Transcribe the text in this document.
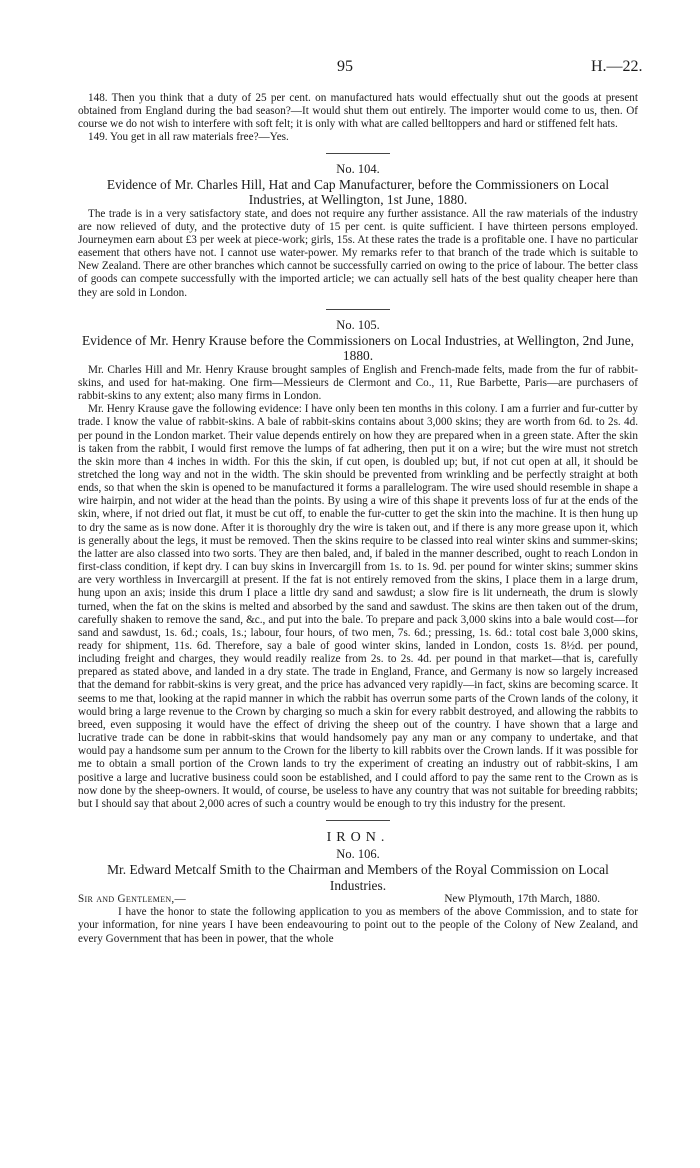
95	H.—22.

148. Then you think that a duty of 25 per cent. on manufactured hats would effectually shut out the goods at present obtained from England during the bad season?—It would shut them out entirely. The importer would come to us, then. Of course we do not wish to interfere with soft felt; it is only with what are called belltoppers and hard or stiffened felt hats.

149. You get in all raw materials free?—Yes.

No. 104.

Evidence of Mr. Charles Hill, Hat and Cap Manufacturer, before the Commissioners on Local Industries, at Wellington, 1st June, 1880.

The trade is in a very satisfactory state, and does not require any further assistance. All the raw materials of the industry are now relieved of duty, and the protective duty of 15 per cent. is quite sufficient. I have thirteen persons employed. Journeymen earn about £3 per week at piece-work; girls, 15s. At these rates the trade is a profitable one. I have no particular easement that others have not. I cannot use water-power. My remarks refer to that branch of the trade which is suitable to New Zealand. There are other branches which cannot be successfully carried on owing to the price of labour. The better class of goods can compete successfully with the imported article; we can actually sell hats of the best quality cheaper here than they are sold in London.

No. 105.

Evidence of Mr. Henry Krause before the Commissioners on Local Industries, at Wellington, 2nd June, 1880.

Mr. Charles Hill and Mr. Henry Krause brought samples of English and French-made felts, made from the fur of rabbit-skins, and used for hat-making. One firm—Messieurs de Clermont and Co., 11, Rue Barbette, Paris—are purchasers of rabbit-skins to any extent; also many firms in London.

Mr. Henry Krause gave the following evidence: I have only been ten months in this colony. I am a furrier and fur-cutter by trade. I know the value of rabbit-skins. A bale of rabbit-skins contains about 3,000 skins; they are worth from 6d. to 2s. 4d. per pound in the London market. Their value depends entirely on how they are prepared when in a green state. After the skin is taken from the rabbit, I would first remove the lumps of fat adhering, then put it on a wire; but the wire must not stretch the skin more than 4 inches in width. For this the skin, if cut open, is doubled up; but, if not cut open at all, it should be stretched the long way and not in the width. The skin should be prevented from wrinkling and be perfectly straight at both ends, so that when the skin is opened to be manufactured it forms a parallelogram. The wire used should resemble in shape a wire hairpin, and not wider at the head than the points. By using a wire of this shape it prevents loss of fur at the ends of the skin, where, if not dried out flat, it must be cut off, to enable the fur-cutter to get the skin into the machine. It is then hung up to dry the same as is now done. After it is thoroughly dry the wire is taken out, and if there is any more grease upon it, which is generally about the legs, it must be removed. Then the skins require to be classed into real winter skins and summer-skins; the latter are also classed into two sorts. They are then baled, and, if baled in the manner described, ought to reach London in first-class condition, if kept dry. I can buy skins in Invercargill from 1s. to 1s. 9d. per pound for winter skins; summer skins are very worthless in Invercargill at present. If the fat is not entirely removed from the skins, I place them in a large drum, hung upon an axis; inside this drum I place a little dry sand and sawdust; a slow fire is lit underneath, the drum is slowly turned, when the fat on the skins is melted and absorbed by the sand and sawdust. The skins are then taken out of the drum, carefully shaken to remove the sand, &c., and put into the bale. To prepare and pack 3,000 skins into a bale would cost—for sand and sawdust, 1s. 6d.; coals, 1s.; labour, four hours, of two men, 7s. 6d.; pressing, 1s. 6d.: total cost bale 3,000 skins, ready for shipment, 11s. 6d. Therefore, say a bale of good winter skins, landed in London, costs 1s. 8½d. per pound, including freight and charges, they would readily realize from 2s. to 2s. 4d. per pound in that market—that is, carefully prepared as stated above, and landed in a dry state. The trade in England, France, and Germany is now so largely increased that the demand for rabbit-skins is very great, and the price has advanced very rapidly—in fact, skins are becoming scarce. It seems to me that, looking at the rapid manner in which the rabbit has overrun some parts of the Crown lands of the colony, it would bring a large revenue to the Crown by charging so much a skin for every rabbit destroyed, and allowing the rabbits to breed, even supposing it would have the effect of driving the sheep out of the country. I have shown that a large and lucrative trade can be done in rabbit-skins that would handsomely pay any man or any company to undertake, and that would pay a handsome sum per annum to the Crown for the liberty to kill rabbits over the Crown lands. If it was possible for me to obtain a small portion of the Crown lands to try the experiment of creating an industry out of rabbit-skins, I am positive a large and lucrative business could soon be established, and I could afford to pay the same rent to the Crown as is now done by the sheep-owners. It would, of course, be useless to have any country that was not suitable for breeding rabbits; but I should say that about 2,000 acres of such a country would be enough to try this industry for the present.

IRON.

No. 106.

Mr. Edward Metcalf Smith to the Chairman and Members of the Royal Commission on Local Industries.

Sir and Gentlemen,—	New Plymouth, 17th March, 1880.

I have the honor to state the following application to you as members of the above Commission, and to state for your information, for nine years I have been endeavouring to point out to the people of the Colony of New Zealand, and every Government that has been in power, that the whole
